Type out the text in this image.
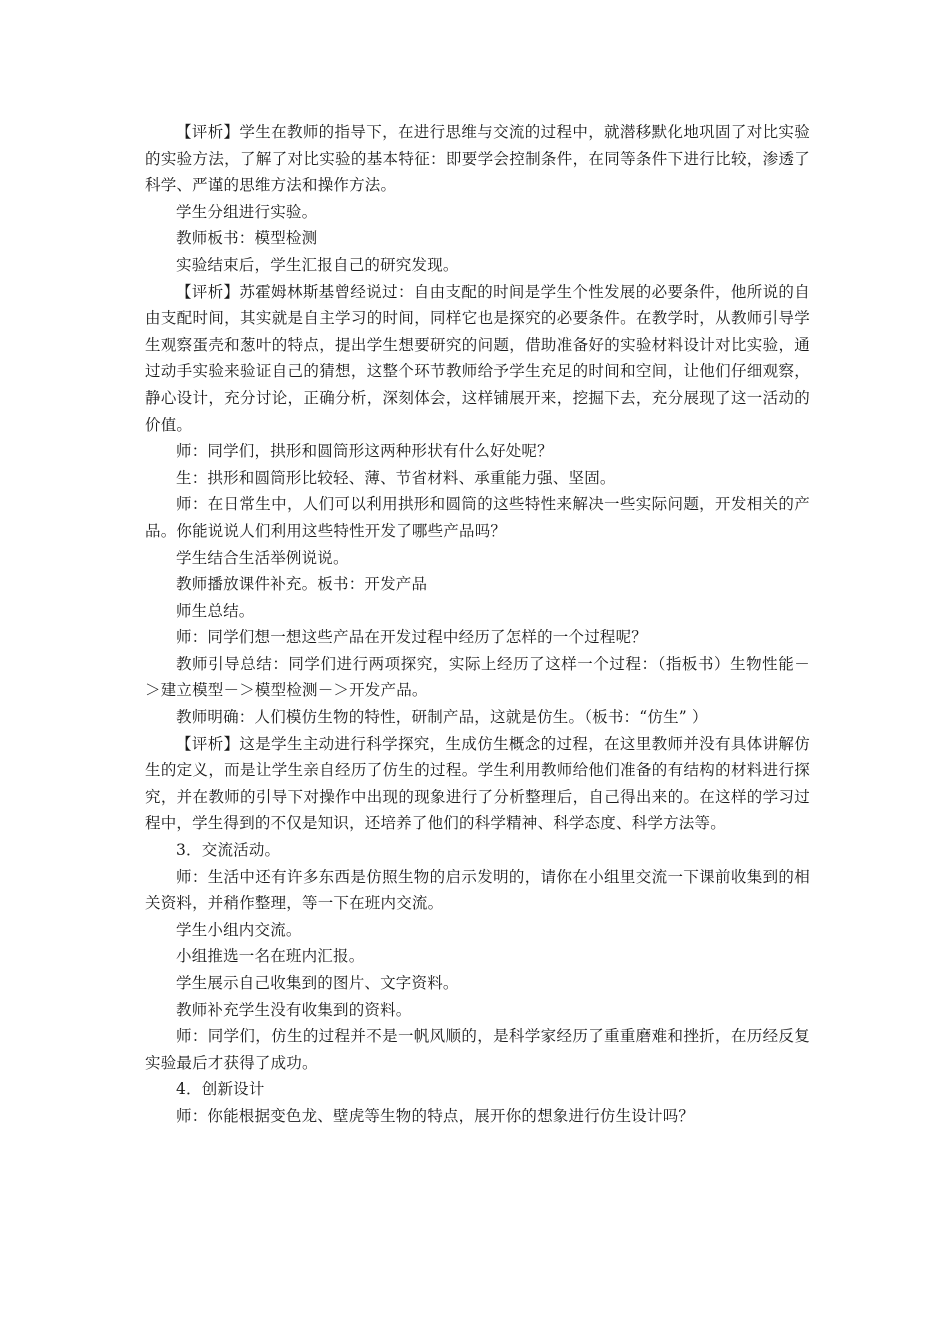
【评析】学生在教师的指导下，在进行思维与交流的过程中，就潜移默化地巩固了对比实验的实验方法，了解了对比实验的基本特征：即要学会控制条件，在同等条件下进行比较，渗透了科学、严谨的思维方法和操作方法。

学生分组进行实验。

教师板书：模型检测

实验结束后，学生汇报自己的研究发现。

【评析】苏霍姆林斯基曾经说过：自由支配的时间是学生个性发展的必要条件，他所说的自由支配时间，其实就是自主学习的时间，同样它也是探究的必要条件。在教学时，从教师引导学生观察蛋壳和葱叶的特点，提出学生想要研究的问题，借助准备好的实验材料设计对比实验，通过动手实验来验证自己的猜想，这整个环节教师给予学生充足的时间和空间，让他们仔细观察，静心设计，充分讨论，正确分析，深刻体会，这样铺展开来，挖掘下去，充分展现了这一活动的价值。

师：同学们，拱形和圆筒形这两种形状有什么好处呢？

生：拱形和圆筒形比较轻、薄、节省材料、承重能力强、坚固。

师：在日常生中，人们可以利用拱形和圆筒的这些特性来解决一些实际问题，开发相关的产品。你能说说人们利用这些特性开发了哪些产品吗？

学生结合生活举例说说。

教师播放课件补充。板书：开发产品

师生总结。

师：同学们想一想这些产品在开发过程中经历了怎样的一个过程呢？

教师引导总结：同学们进行两项探究，实际上经历了这样一个过程：（指板书）生物性能－＞建立模型－＞模型检测－＞开发产品。

教师明确：人们模仿生物的特性，研制产品，这就是仿生。（板书：“仿生” ）

【评析】这是学生主动进行科学探究，生成仿生概念的过程，在这里教师并没有具体讲解仿生的定义，而是让学生亲自经历了仿生的过程。学生利用教师给他们准备的有结构的材料进行探究，并在教师的引导下对操作中出现的现象进行了分析整理后，自己得出来的。在这样的学习过程中，学生得到的不仅是知识，还培养了他们的科学精神、科学态度、科学方法等。

3．交流活动。

师：生活中还有许多东西是仿照生物的启示发明的，请你在小组里交流一下课前收集到的相关资料，并稍作整理，等一下在班内交流。

学生小组内交流。

小组推选一名在班内汇报。

学生展示自己收集到的图片、文字资料。

教师补充学生没有收集到的资料。

师：同学们，仿生的过程并不是一帆风顺的，是科学家经历了重重磨难和挫折，在历经反复实验最后才获得了成功。

4．创新设计

师：你能根据变色龙、壁虎等生物的特点，展开你的想象进行仿生设计吗？
